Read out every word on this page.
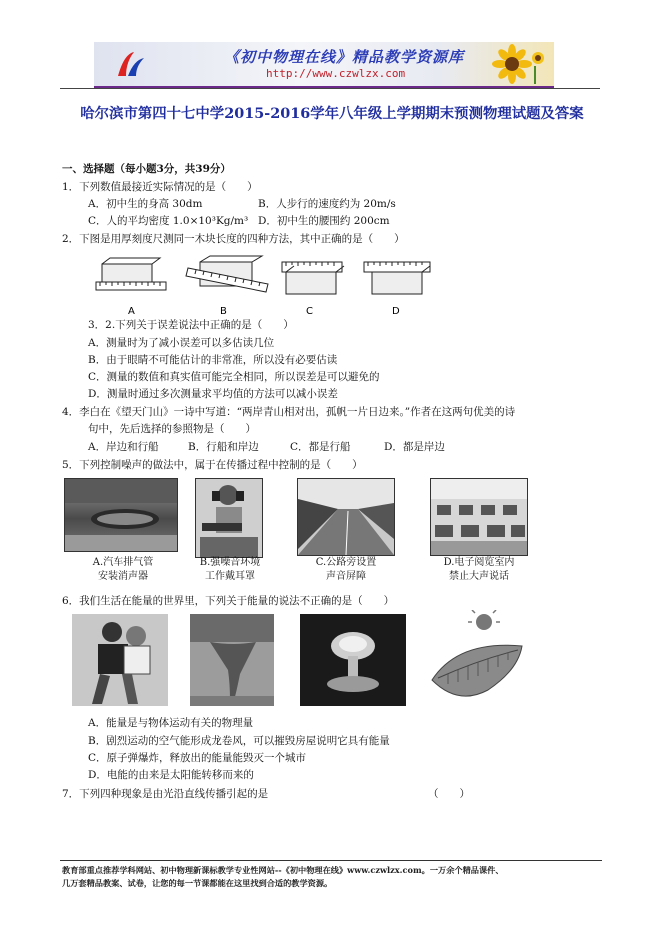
《初中物理在线》精品教学资源库
http://www.czwlzx.com
哈尔滨市第四十七中学2015-2016学年八年级上学期期末预测物理试题及答案
一、选择题（每小题3分，共39分）
1．下列数值最接近实际情况的是（　　）
A．初中生的身高 30dm	B．人步行的速度约为 20m/s
C．人的平均密度 1.0×10³Kg/m³ D．初中生的腰围约 200cm
2．下图是用厚刻度尺测同一木块长度的四种方法，其中正确的是（　　）
A	B	C	D
3．2.下列关于误差说法中正确的是（　　）
A．测量时为了减小误差可以多估读几位
B．由于眼睛不可能估计的非常准，所以没有必要估读
C．测量的数值和真实值可能完全相同，所以误差是可以避免的
D．测量时通过多次测量求平均值的方法可以减小误差
4．李白在《望天门山》一诗中写道：“两岸青山相对出，孤帆一片日边来。”作者在这两句优美的诗
句中，先后选择的参照物是（　　）
A．岸边和行船	B．行船和岸边	C．都是行船	D．都是岸边
5．下列控制噪声的做法中，属于在传播过程中控制的是（　　）
A.汽车排气管
安装消声器
B.强噪音环境
工作戴耳罩
C.公路旁设置
声音屏障
D.电子阅览室内
禁止大声说话
6．我们生活在能量的世界里，下列关于能量的说法不正确的是（　　）
A．能量是与物体运动有关的物理量
B．剧烈运动的空气能形成龙卷风，可以摧毁房屋说明它具有能量
C．原子弹爆炸，释放出的能量能毁灭一个城市
D．电能的由来是太阳能转移而来的
7．下列四种现象是由光沿直线传播引起的是	（　　）
教育部重点推荐学科网站、初中物理新课标教学专业性网站--《初中物理在线》www.czwlzx.com。一万余个精品课件、
几万套精品教案、试卷，让您的每一节课都能在这里找到合适的教学资源。
